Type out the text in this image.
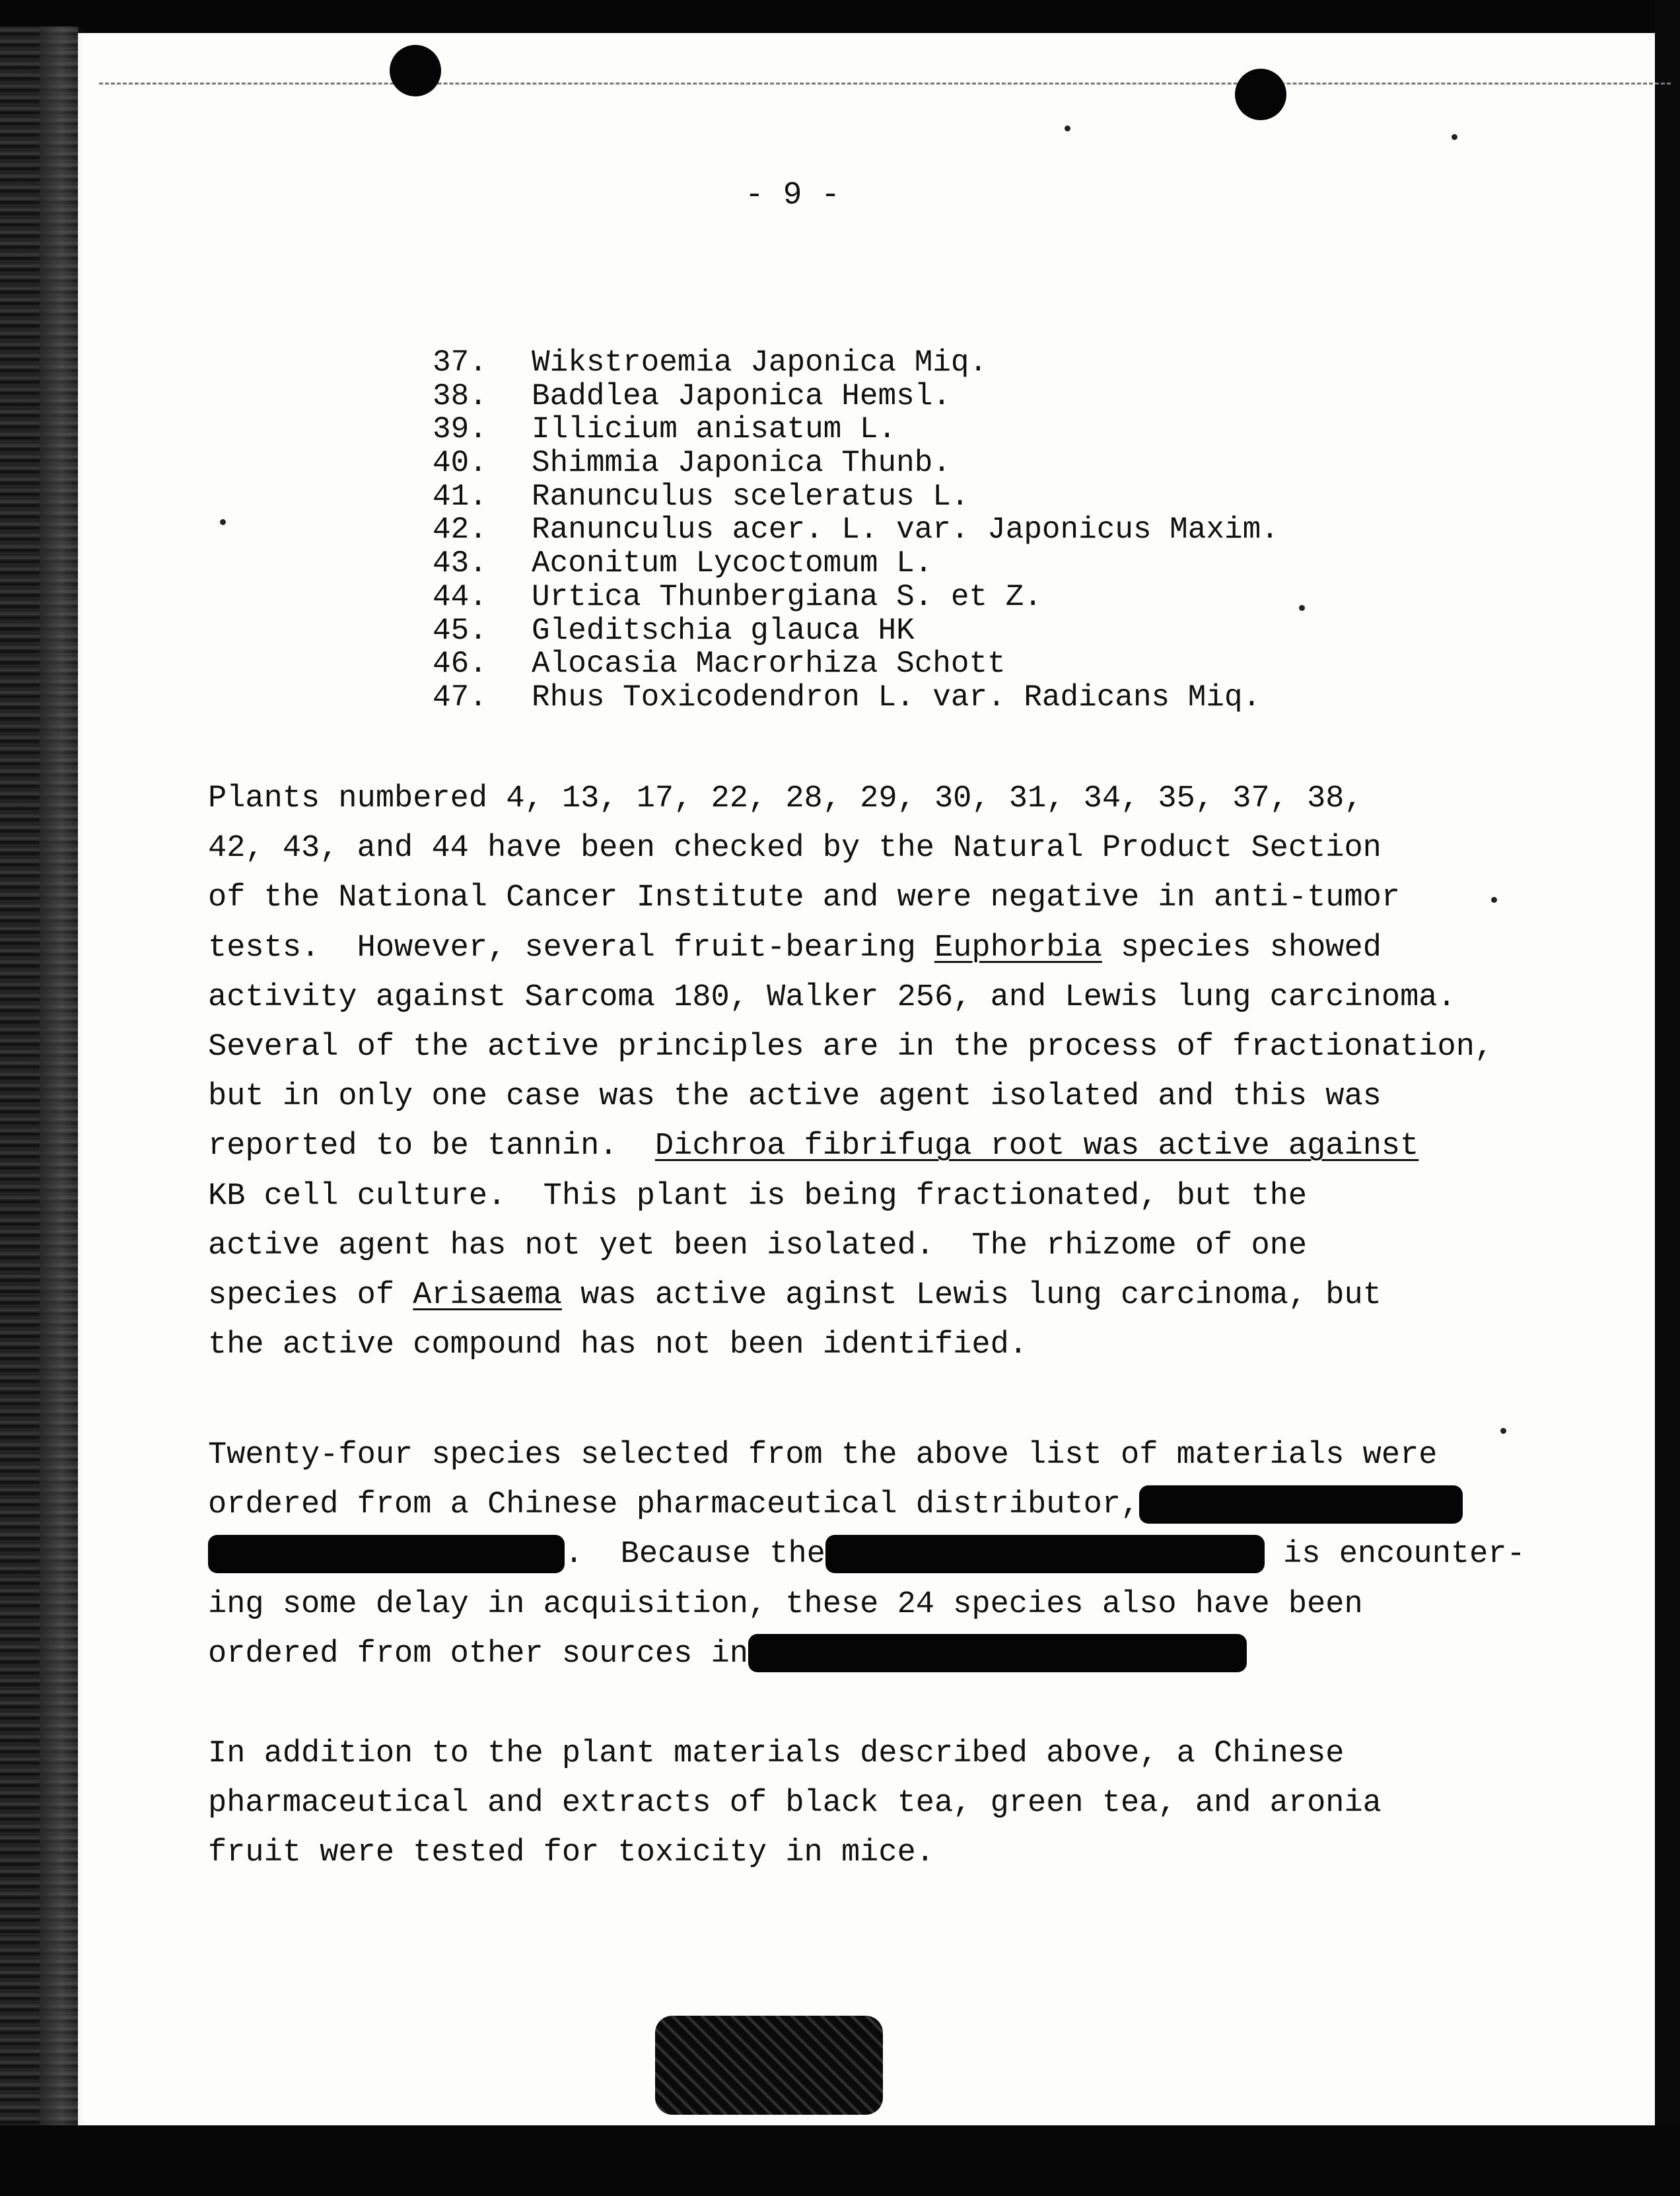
- 9 -
37. Wikstroemia Japonica Miq.
38. Baddlea Japonica Hemsl.
39. Illicium anisatum L.
40. Shimmia Japonica Thunb.
41. Ranunculus sceleratus L.
42. Ranunculus acer. L. var. Japonicus Maxim.
43. Aconitum Lycoctomum L.
44. Urtica Thunbergiana S. et Z.
45. Gleditschia glauca HK
46. Alocasia Macrorhiza Schott
47. Rhus Toxicodendron L. var. Radicans Miq.
Plants numbered 4, 13, 17, 22, 28, 29, 30, 31, 34, 35, 37, 38,
42, 43, and 44 have been checked by the Natural Product Section
of the National Cancer Institute and were negative in anti-tumor
tests.  However, several fruit-bearing Euphorbia species showed
activity against Sarcoma 180, Walker 256, and Lewis lung carcinoma.
Several of the active principles are in the process of fractionation,
but in only one case was the active agent isolated and this was
reported to be tannin.  Dichroa fibrifuga root was active against
KB cell culture.  This plant is being fractionated, but the
active agent has not yet been isolated.  The rhizome of one
species of Arisaema was active aginst Lewis lung carcinoma, but
the active compound has not been identified.
Twenty-four species selected from the above list of materials were
ordered from a Chinese pharmaceutical distributor,
.  Because the	is encounter-
ing some delay in acquisition, these 24 species also have been
ordered from other sources in
In addition to the plant materials described above, a Chinese
pharmaceutical and extracts of black tea, green tea, and aronia
fruit were tested for toxicity in mice.
